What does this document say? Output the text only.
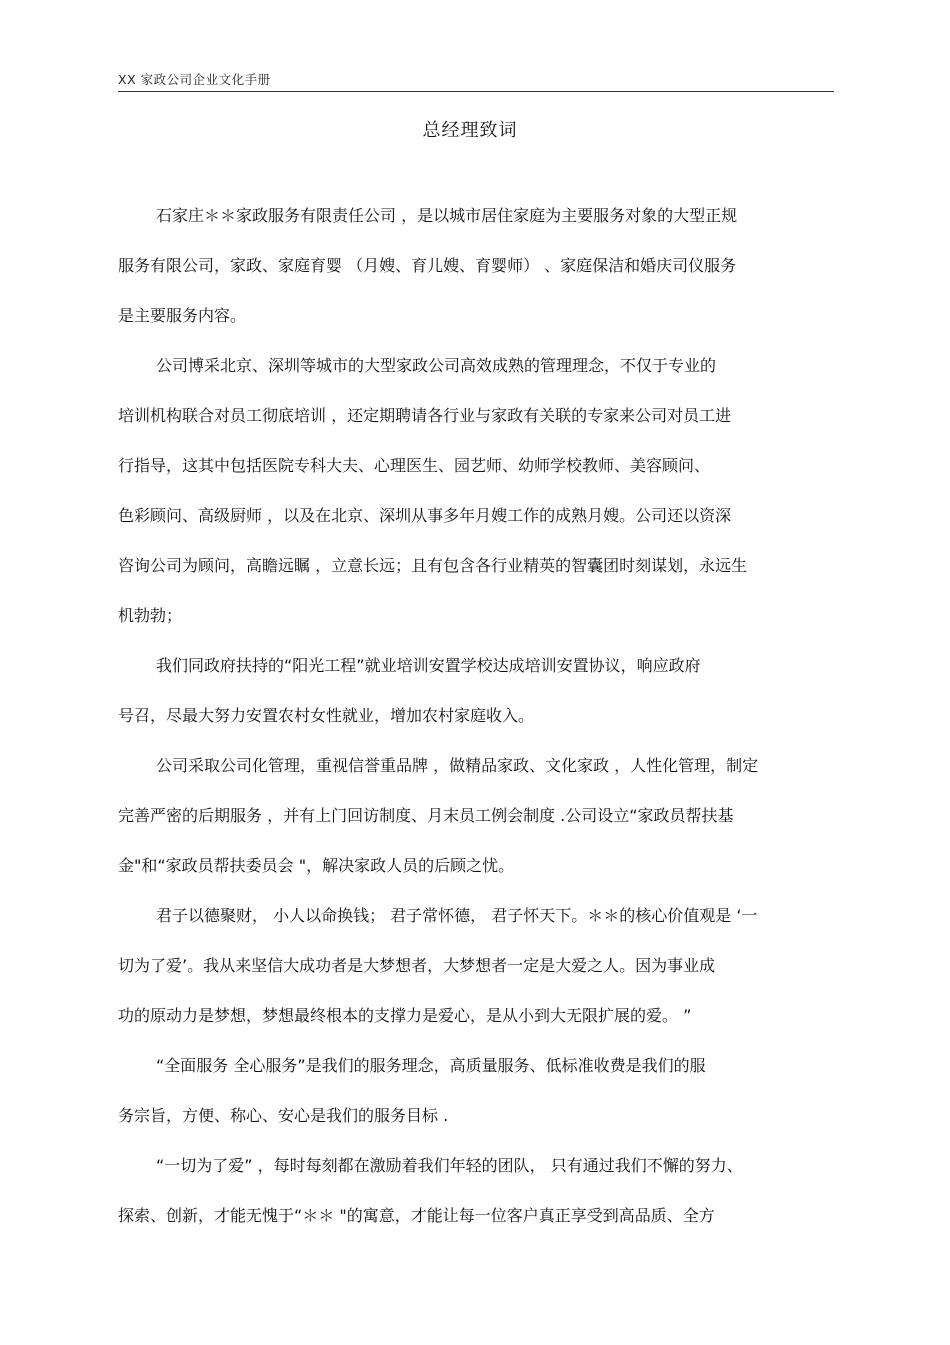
XX 家政公司企业文化手册
总经理致词
石家庄＊＊家政服务有限责任公司 ，是以城市居住家庭为主要服务对象的大型正规
服务有限公司，家政、家庭育婴 （月嫂、育儿嫂、育婴师） 、家庭保洁和婚庆司仪服务
是主要服务内容。
公司博采北京、深圳等城市的大型家政公司高效成熟的管理理念，不仅于专业的
培训机构联合对员工彻底培训 ，还定期聘请各行业与家政有关联的专家来公司对员工进
行指导，这其中包括医院专科大夫、心理医生、园艺师、幼师学校教师、美容顾问、
色彩顾问、高级厨师 ，以及在北京、深圳从事多年月嫂工作的成熟月嫂。公司还以资深
咨询公司为顾问，高瞻远瞩 ，立意长远；且有包含各行业精英的智囊团时刻谋划，永远生
机勃勃；
我们同政府扶持的“阳光工程”就业培训安置学校达成培训安置协议，响应政府
号召，尽最大努力安置农村女性就业，增加农村家庭收入。
公司采取公司化管理，重视信誉重品牌 ，做精品家政、文化家政 ，人性化管理，制定
完善严密的后期服务 ，并有上门回访制度、月末员工例会制度 .公司设立“家政员帮扶基
金"和“家政员帮扶委员会 "，解决家政人员的后顾之忧。
君子以德聚财， 小人以命换钱； 君子常怀德， 君子怀天下。＊＊的核心价值观是 ‘一
切为了爱’。我从来坚信大成功者是大梦想者，大梦想者一定是大爱之人。因为事业成
功的原动力是梦想，梦想最终根本的支撑力是爱心，是从小到大无限扩展的爱。 ”
“全面服务 全心服务”是我们的服务理念，高质量服务、低标准收费是我们的服
务宗旨，方便、称心、安心是我们的服务目标 .
“一切为了爱” ，每时每刻都在激励着我们年轻的团队， 只有通过我们不懈的努力、
探索、创新，才能无愧于“＊＊ "的寓意，才能让每一位客户真正享受到高品质、全方
